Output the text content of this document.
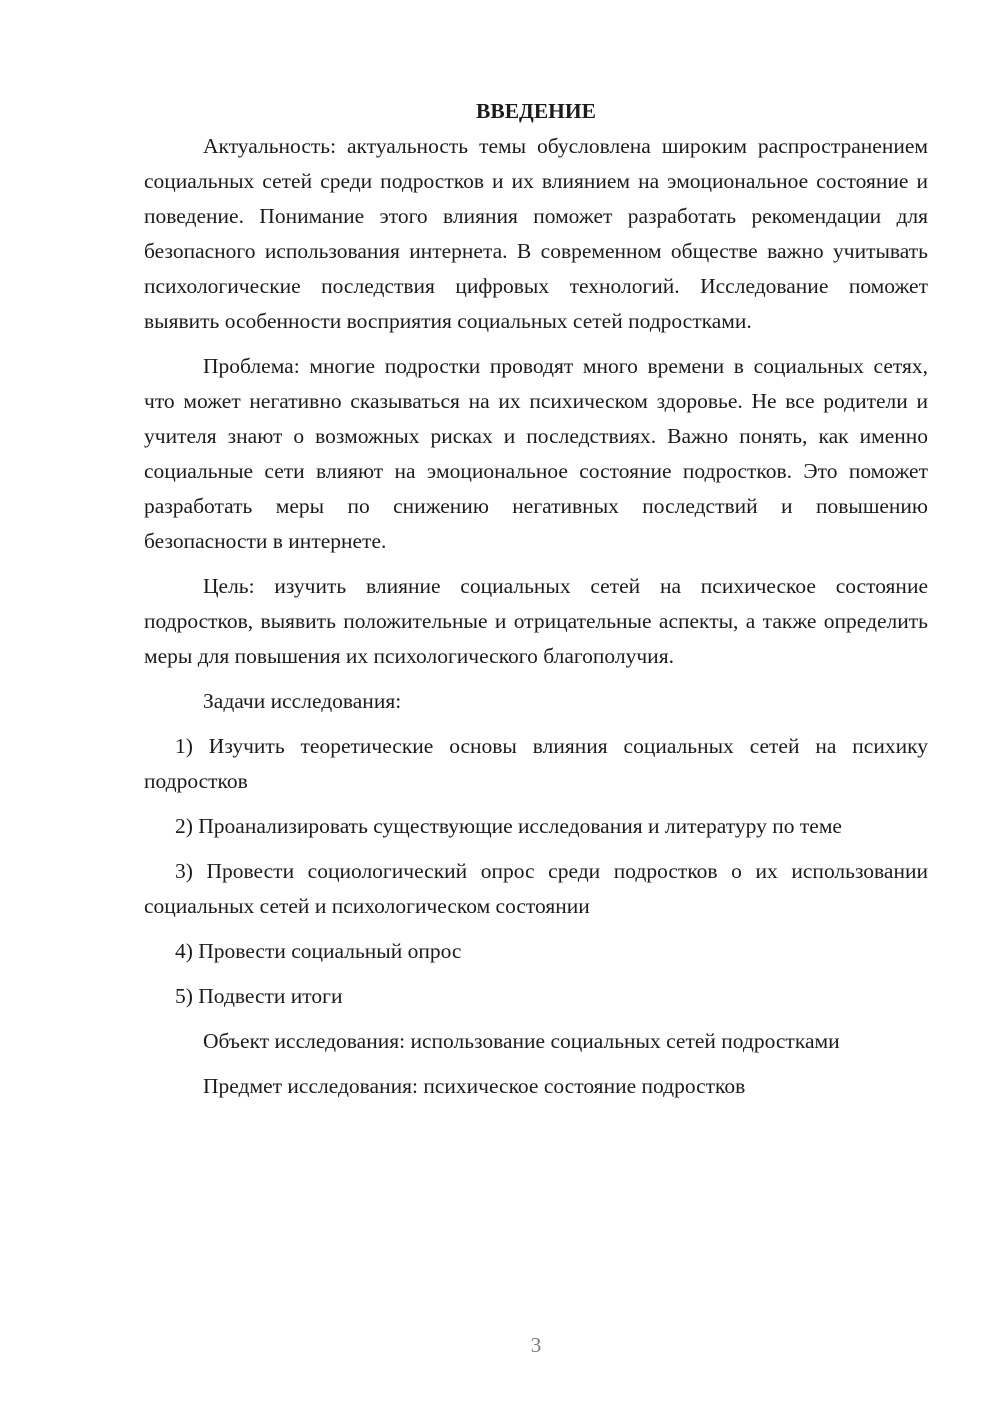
ВВЕДЕНИЕ

Актуальность: актуальность темы обусловлена широким распространением социальных сетей среди подростков и их влиянием на эмоциональное состояние и поведение. Понимание этого влияния поможет разработать рекомендации для безопасного использования интернета. В современном обществе важно учитывать психологические последствия цифровых технологий. Исследование поможет выявить особенности восприятия социальных сетей подростками.

Проблема: многие подростки проводят много времени в социальных сетях, что может негативно сказываться на их психическом здоровье. Не все родители и учителя знают о возможных рисках и последствиях. Важно понять, как именно социальные сети влияют на эмоциональное состояние подростков. Это поможет разработать меры по снижению негативных последствий и повышению безопасности в интернете.

Цель: изучить влияние социальных сетей на психическое состояние подростков, выявить положительные и отрицательные аспекты, а также определить меры для повышения их психологического благополучия.

Задачи исследования:

1) Изучить теоретические основы влияния социальных сетей на психику подростков

2) Проанализировать существующие исследования и литературу по теме

3) Провести социологический опрос среди подростков о их использовании социальных сетей и психологическом состоянии

4) Провести социальный опрос

5) Подвести итоги

Объект исследования: использование социальных сетей подростками

Предмет исследования: психическое состояние подростков

3
